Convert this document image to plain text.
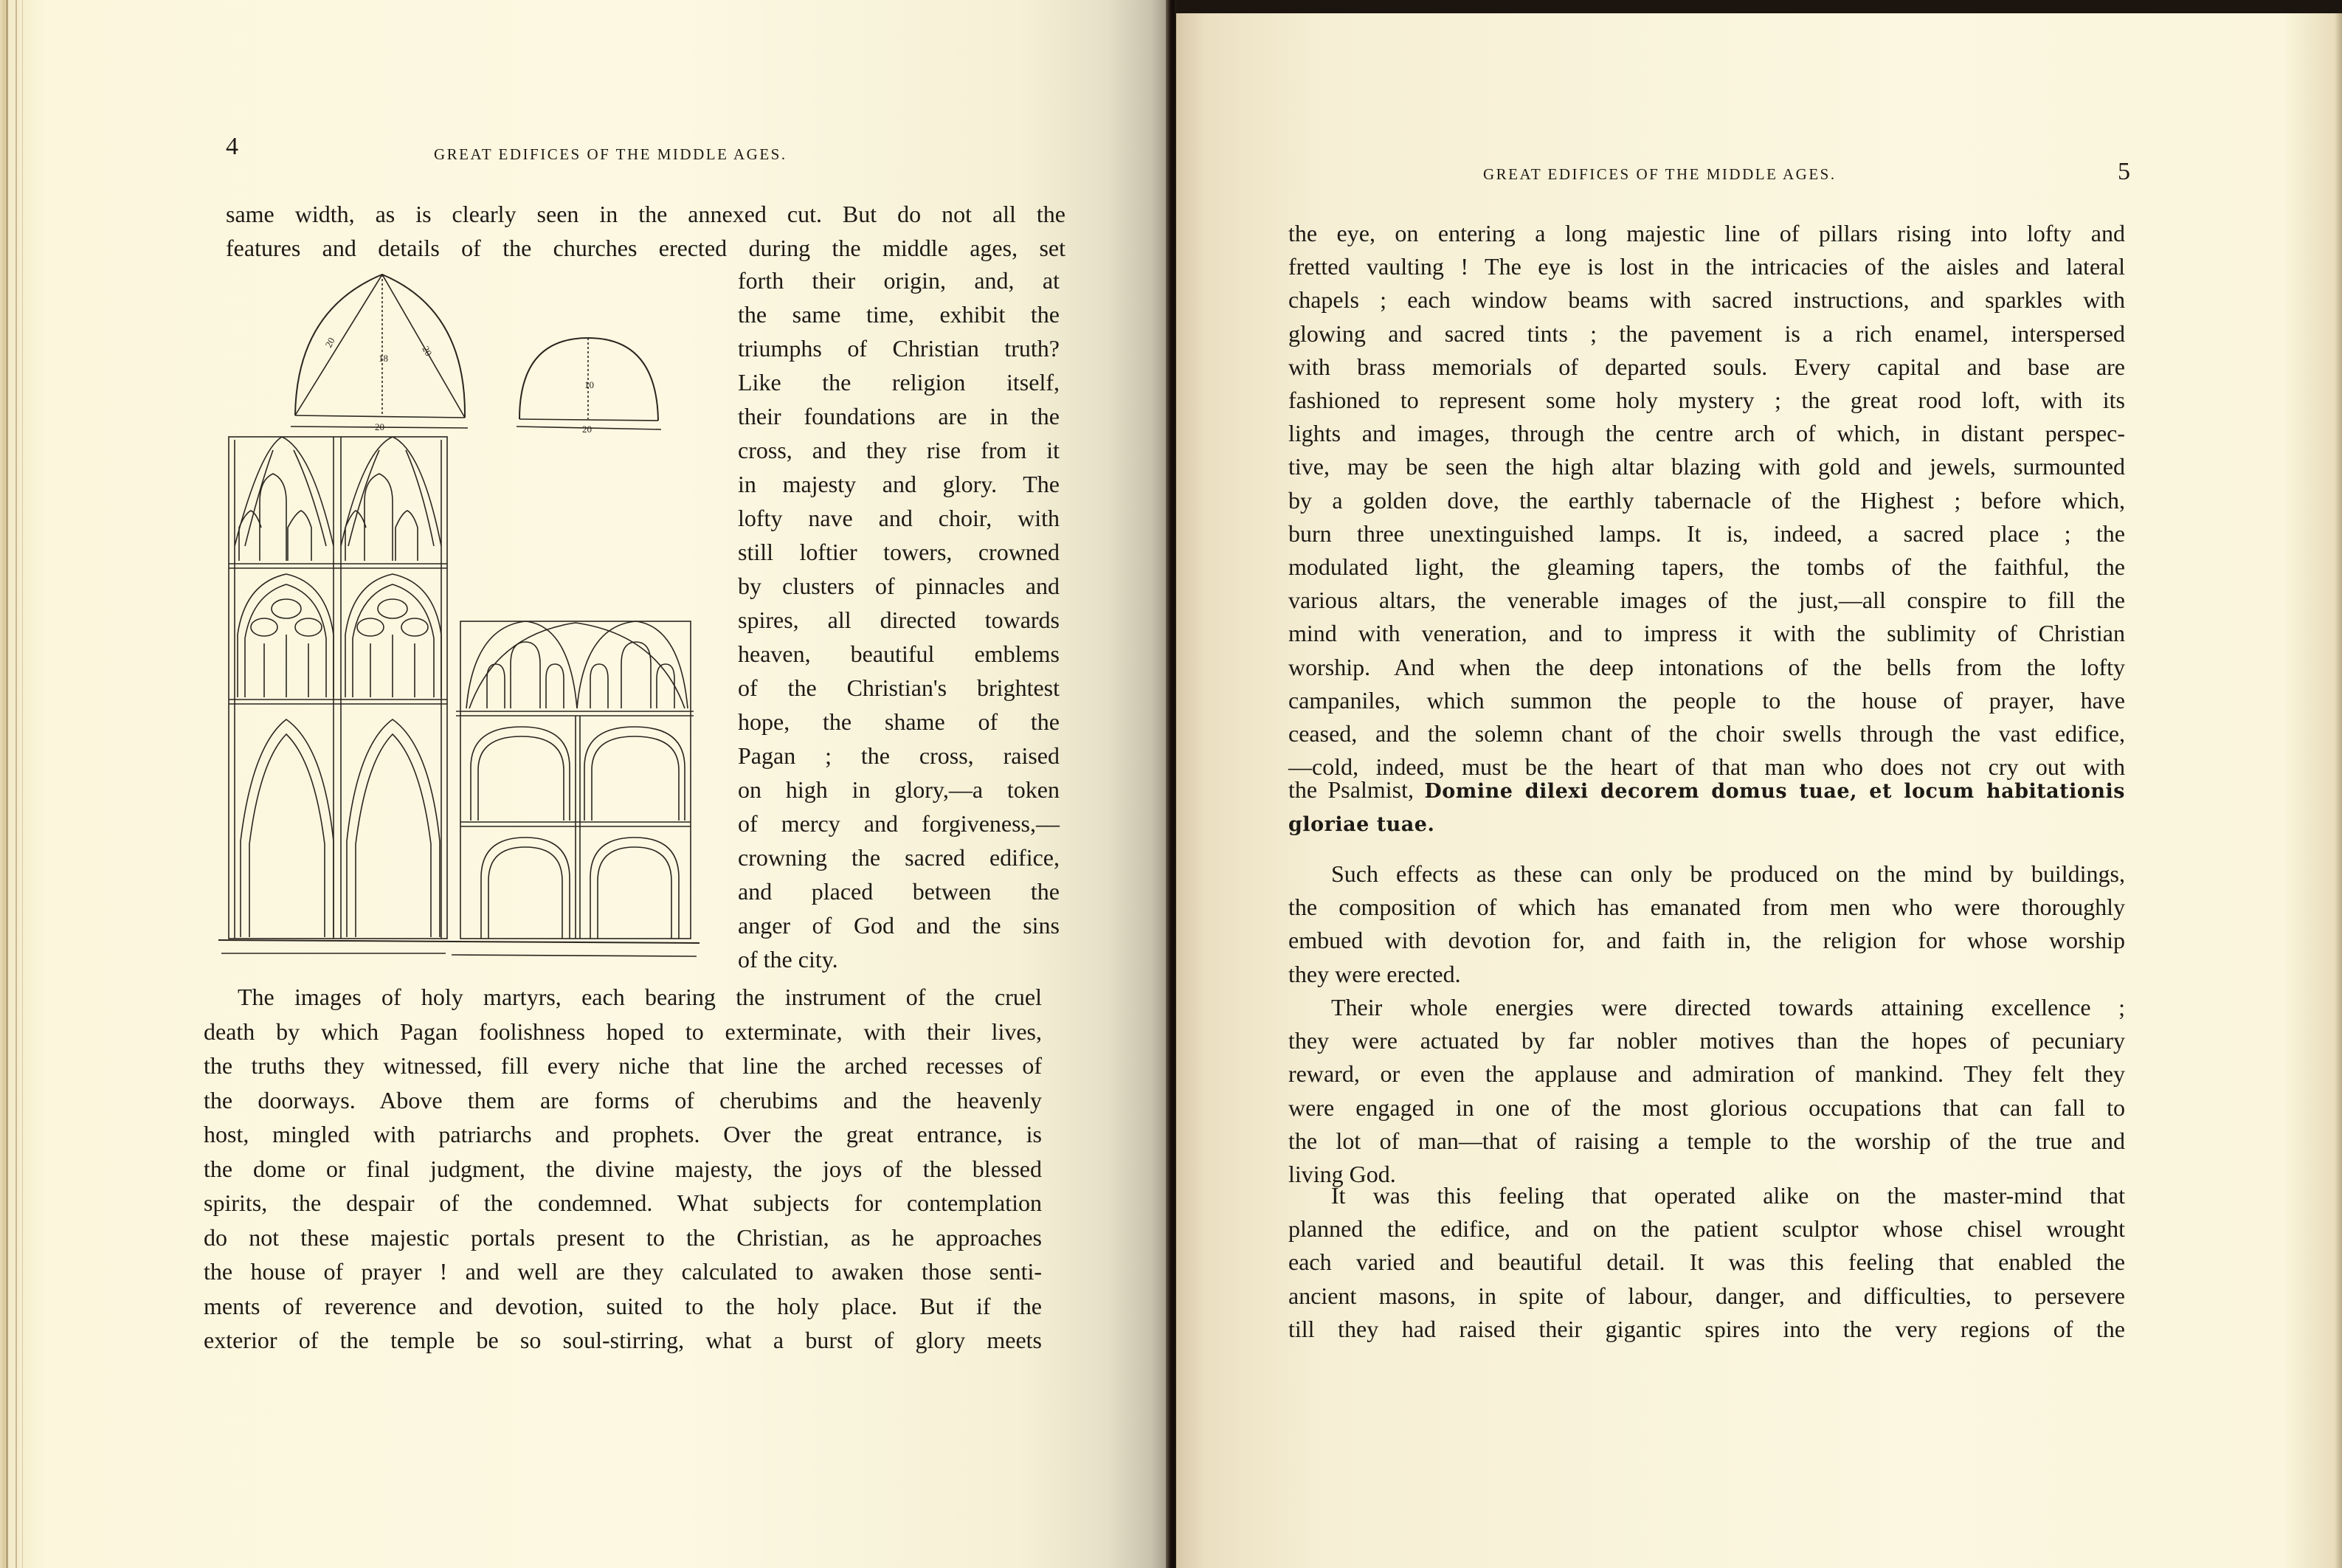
4	GREAT EDIFICES OF THE MIDDLE AGES.
same width, as is clearly seen in the annexed cut. But do not all the
features and details of the churches erected during the middle ages, set
forth their origin, and, at
the same time, exhibit the
triumphs of Christian truth?
Like the religion itself,
their foundations are in the
cross, and they rise from it
in majesty and glory. The
lofty nave and choir, with
still loftier towers, crowned
by clusters of pinnacles and
spires, all directed towards
heaven, beautiful emblems
of the Christian's brightest
hope, the shame of the
Pagan ; the cross, raised
on high in glory,—a token
of mercy and forgiveness,—
crowning the sacred edifice,
and placed between the
anger of God and the sins
of the city.
The images of holy martyrs, each bearing the instrument of the cruel
death by which Pagan foolishness hoped to exterminate, with their lives,
the truths they witnessed, fill every niche that line the arched recesses of
the doorways. Above them are forms of cherubims and the heavenly
host, mingled with patriarchs and prophets. Over the great entrance, is
the dome or final judgment, the divine majesty, the joys of the blessed
spirits, the despair of the condemned. What subjects for contemplation
do not these majestic portals present to the Christian, as he approaches
the house of prayer ! and well are they calculated to awaken those senti-
ments of reverence and devotion, suited to the holy place. But if the
exterior of the temple be so soul-stirring, what a burst of glory meets
20
18
20
20
10
20
GREAT EDIFICES OF THE MIDDLE AGES.	5
the eye, on entering a long majestic line of pillars rising into lofty and
fretted vaulting ! The eye is lost in the intricacies of the aisles and lateral
chapels ; each window beams with sacred instructions, and sparkles with
glowing and sacred tints ; the pavement is a rich enamel, interspersed
with brass memorials of departed souls. Every capital and base are
fashioned to represent some holy mystery ; the great rood loft, with its
lights and images, through the centre arch of which, in distant perspec-
tive, may be seen the high altar blazing with gold and jewels, surmounted
by a golden dove, the earthly tabernacle of the Highest ; before which,
burn three unextinguished lamps. It is, indeed, a sacred place ; the
modulated light, the gleaming tapers, the tombs of the faithful, the
various altars, the venerable images of the just,—all conspire to fill the
mind with veneration, and to impress it with the sublimity of Christian
worship. And when the deep intonations of the bells from the lofty
campaniles, which summon the people to the house of prayer, have
ceased, and the solemn chant of the choir swells through the vast edifice,
—cold, indeed, must be the heart of that man who does not cry out with
the Psalmist, Domine dilexi decorem domus tuae, et locum habitationis
gloriae tuae.
Such effects as these can only be produced on the mind by buildings,
the composition of which has emanated from men who were thoroughly
embued with devotion for, and faith in, the religion for whose worship
they were erected.
Their whole energies were directed towards attaining excellence ;
they were actuated by far nobler motives than the hopes of pecuniary
reward, or even the applause and admiration of mankind. They felt they
were engaged in one of the most glorious occupations that can fall to
the lot of man—that of raising a temple to the worship of the true and
living God.
It was this feeling that operated alike on the master-mind that
planned the edifice, and on the patient sculptor whose chisel wrought
each varied and beautiful detail. It was this feeling that enabled the
ancient masons, in spite of labour, danger, and difficulties, to persevere
till they had raised their gigantic spires into the very regions of the
